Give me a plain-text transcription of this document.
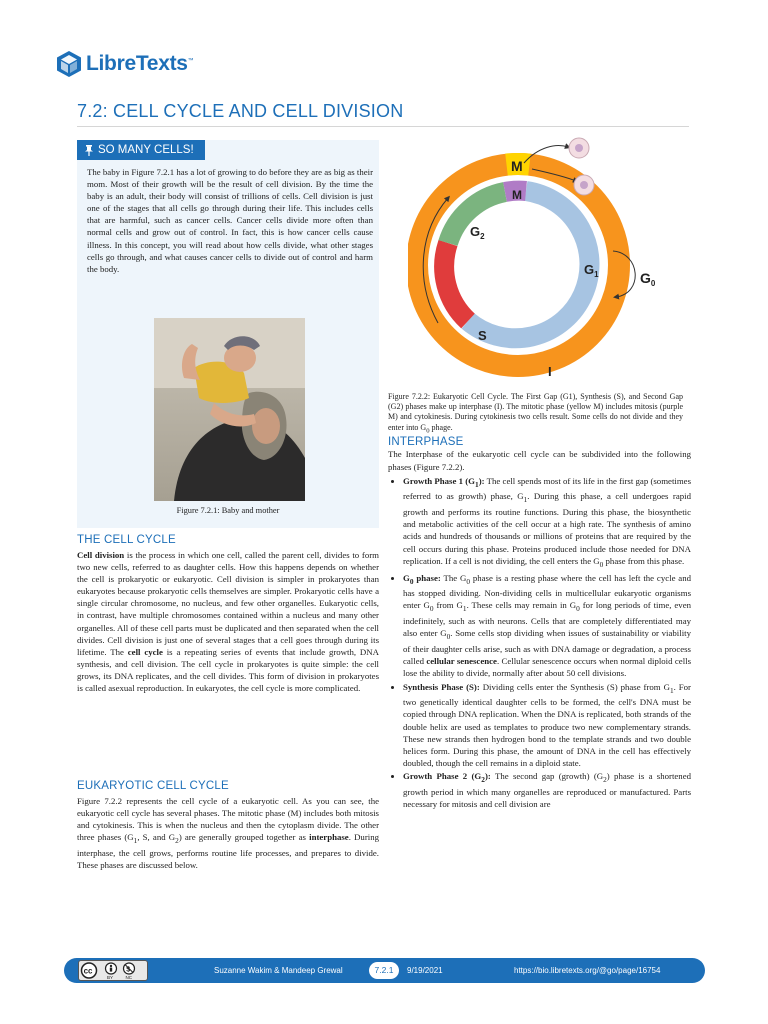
LibreTexts™
7.2: CELL CYCLE AND CELL DIVISION
SO MANY CELLS!

The baby in Figure 7.2.1 has a lot of growing to do before they are as big as their mom. Most of their growth will be the result of cell division. By the time the baby is an adult, their body will consist of trillions of cells. Cell division is just one of the stages that all cells go through during their life. This includes cells that are harmful, such as cancer cells. Cancer cells divide more often than normal cells and grow out of control. In fact, this is how cancer cells cause illness. In this concept, you will read about how cells divide, what other stages cells go through, and what causes cancer cells to divide out of control and harm the body.

Figure 7.2.1: Baby and mother

THE CELL CYCLE

Cell division is the process in which one cell, called the parent cell, divides to form two new cells, referred to as daughter cells. How this happens depends on whether the cell is prokaryotic or eukaryotic. Cell division is simpler in prokaryotes than eukaryotes because prokaryotic cells themselves are simpler. Prokaryotic cells have a single circular chromosome, no nucleus, and few other organelles. Eukaryotic cells, in contrast, have multiple chromosomes contained within a nucleus and many other organelles. All of these cell parts must be duplicated and then separated when the cell divides. Cell division is just one of several stages that a cell goes through during its lifetime. The cell cycle is a repeating series of events that include growth, DNA synthesis, and cell division. The cell cycle in prokaryotes is quite simple: the cell grows, its DNA replicates, and the cell divides. This form of division in prokaryotes is called asexual reproduction. In eukaryotes, the cell cycle is more complicated.

EUKARYOTIC CELL CYCLE

Figure 7.2.2 represents the cell cycle of a eukaryotic cell. As you can see, the eukaryotic cell cycle has several phases. The mitotic phase (M) includes both mitosis and cytokinesis. This is when the nucleus and then the cytoplasm divide. The other three phases ($G_1$, S, and $G_2$) are generally grouped together as interphase. During interphase, the cell grows, performs routine life processes, and prepares to divide. These phases are discussed below.

M
M
$G_2$
$G_1$
S
I
$G_0$

Figure 7.2.2: Eukaryotic Cell Cycle. The First Gap (G1), Synthesis (S), and Second Gap (G2) phases make up interphase (I). The mitotic phase (yellow M) includes mitosis (purple M) and cytokinesis. During cytokinesis two cells result. Some cells do not divide and they enter into $G_0$ phage.

INTERPHASE

The Interphase of the eukaryotic cell cycle can be subdivided into the following phases (Figure 7.2.2).

• Growth Phase 1 $(G_1)$: The cell spends most of its life in the first gap (sometimes referred to as growth) phase, $G_1$. During this phase, a cell undergoes rapid growth and performs its routine functions. During this phase, the biosynthetic and metabolic activities of the cell occur at a high rate. The synthesis of amino acids and hundreds of thousands or millions of proteins that are required by the cell occurs during this phase. Proteins produced include those needed for DNA replication. If a cell is not dividing, the cell enters the $G_0$ phase from this phase.
• $G_0$ phase: The $G_0$ phase is a resting phase where the cell has left the cycle and has stopped dividing. Non-dividing cells in multicellular eukaryotic organisms enter $G_0$ from $G_1$. These cells may remain in $G_0$ for long periods of time, even indefinitely, such as with neurons. Cells that are completely differentiated may also enter $G_0$. Some cells stop dividing when issues of sustainability or viability of their daughter cells arise, such as with DNA damage or degradation, a process called cellular senescence. Cellular senescence occurs when normal diploid cells lose the ability to divide, normally after about 50 cell divisions.
• Synthesis Phase (S): Dividing cells enter the Synthesis (S) phase from $G_1$. For two genetically identical daughter cells to be formed, the cell's DNA must be copied through DNA replication. When the DNA is replicated, both strands of the double helix are used as templates to produce two new complementary strands. These new strands then hydrogen bond to the template strands and two double helices form. During this phase, the amount of DNA in the cell has effectively doubled, though the cell remains in a diploid state.
• Growth Phase 2 $(G_2)$: The second gap (growth) $(G_2)$ phase is a shortened growth period in which many organelles are reproduced or manufactured. Parts necessary for mitosis and cell division are
cc	$
BY	NC
Suzanne Wakim & Mandeep Grewal	7.2.1	9/19/2021	https://bio.libretexts.org/@go/page/16754
